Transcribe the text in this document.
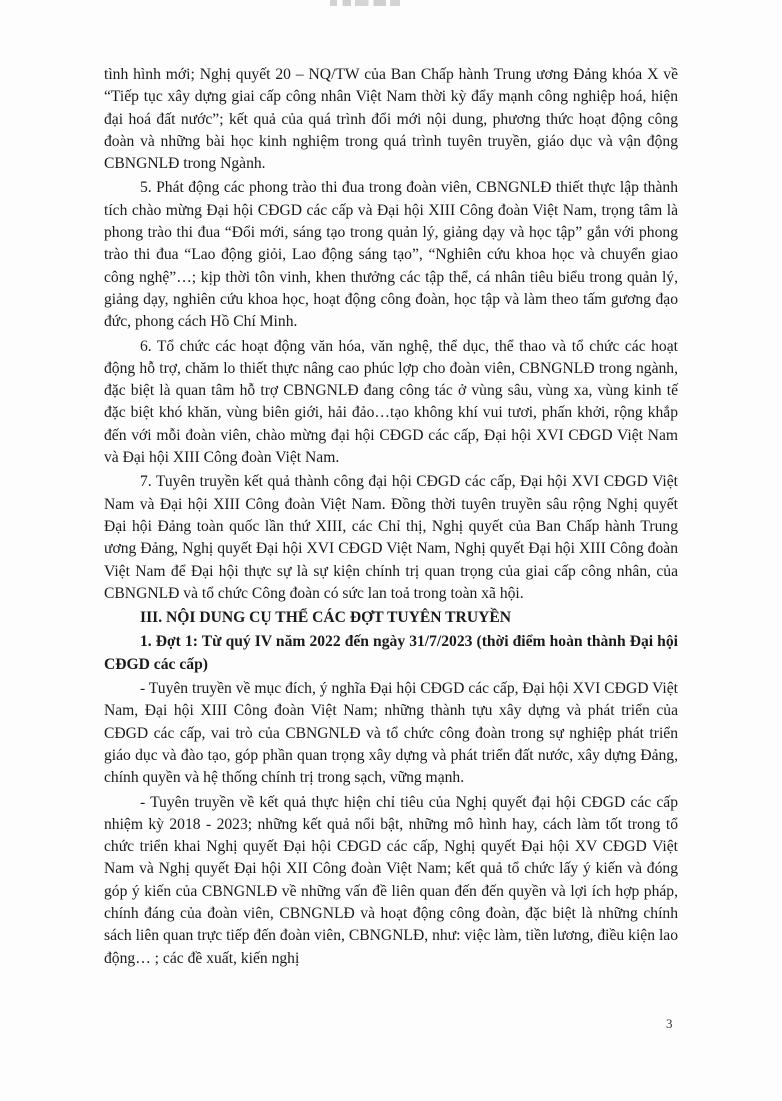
tình hình mới; Nghị quyết 20 – NQ/TW của Ban Chấp hành Trung ương Đảng khóa X về “Tiếp tục xây dựng giai cấp công nhân Việt Nam thời kỳ đẩy mạnh công nghiệp hoá, hiện đại hoá đất nước”; kết quả của quá trình đổi mới nội dung, phương thức hoạt động công đoàn và những bài học kinh nghiệm trong quá trình tuyên truyền, giáo dục và vận động CBNGNLĐ trong Ngành.

5. Phát động các phong trào thi đua trong đoàn viên, CBNGNLĐ thiết thực lập thành tích chào mừng Đại hội CĐGD các cấp và Đại hội XIII Công đoàn Việt Nam, trọng tâm là phong trào thi đua “Đổi mới, sáng tạo trong quản lý, giảng dạy và học tập” gắn với phong trào thi đua “Lao động giỏi, Lao động sáng tạo”, “Nghiên cứu khoa học và chuyển giao công nghệ”…; kịp thời tôn vinh, khen thưởng các tập thể, cá nhân tiêu biểu trong quản lý, giảng dạy, nghiên cứu khoa học, hoạt động công đoàn, học tập và làm theo tấm gương đạo đức, phong cách Hồ Chí Minh.

6. Tổ chức các hoạt động văn hóa, văn nghệ, thể dục, thể thao và tổ chức các hoạt động hỗ trợ, chăm lo thiết thực nâng cao phúc lợp cho đoàn viên, CBNGNLĐ trong ngành, đặc biệt là quan tâm hỗ trợ CBNGNLĐ đang công tác ở vùng sâu, vùng xa, vùng kinh tế đặc biệt khó khăn, vùng biên giới, hải đảo…tạo không khí vui tươi, phấn khởi, rộng khắp đến với mỗi đoàn viên, chào mừng đại hội CĐGD các cấp, Đại hội XVI CĐGD Việt Nam và Đại hội XIII Công đoàn Việt Nam.

7. Tuyên truyền kết quả thành công đại hội CĐGD các cấp, Đại hội XVI CĐGD Việt Nam và Đại hội XIII Công đoàn Việt Nam. Đồng thời tuyên truyền sâu rộng Nghị quyết Đại hội Đảng toàn quốc lần thứ XIII, các Chỉ thị, Nghị quyết của Ban Chấp hành Trung ương Đảng, Nghị quyết Đại hội XVI CĐGD Việt Nam, Nghị quyết Đại hội XIII Công đoàn Việt Nam để Đại hội thực sự là sự kiện chính trị quan trọng của giai cấp công nhân, của CBNGNLĐ và tổ chức Công đoàn có sức lan toả trong toàn xã hội.

III. NỘI DUNG CỤ THỂ CÁC ĐỢT TUYÊN TRUYỀN

1. Đợt 1: Từ quý IV năm 2022 đến ngày 31/7/2023 (thời điểm hoàn thành Đại hội CĐGD các cấp)

- Tuyên truyền về mục đích, ý nghĩa Đại hội CĐGD các cấp, Đại hội XVI CĐGD Việt Nam, Đại hội XIII Công đoàn Việt Nam; những thành tựu xây dựng và phát triển của CĐGD các cấp, vai trò của CBNGNLĐ và tổ chức công đoàn trong sự nghiệp phát triển giáo dục và đào tạo, góp phần quan trọng xây dựng và phát triển đất nước, xây dựng Đảng, chính quyền và hệ thống chính trị trong sạch, vững mạnh.

- Tuyên truyền về kết quả thực hiện chỉ tiêu của Nghị quyết đại hội CĐGD các cấp nhiệm kỳ 2018 - 2023; những kết quả nổi bật, những mô hình hay, cách làm tốt trong tổ chức triển khai Nghị quyết Đại hội CĐGD các cấp, Nghị quyết Đại hội XV CĐGD Việt Nam và Nghị quyết Đại hội XII Công đoàn Việt Nam; kết quả tổ chức lấy ý kiến và đóng góp ý kiến của CBNGNLĐ về những vấn đề liên quan đến đến quyền và lợi ích hợp pháp, chính đáng của đoàn viên, CBNGNLĐ và hoạt động công đoàn, đặc biệt là những chính sách liên quan trực tiếp đến đoàn viên, CBNGNLĐ, như: việc làm, tiền lương, điều kiện lao động… ; các đề xuất, kiến nghị

3
